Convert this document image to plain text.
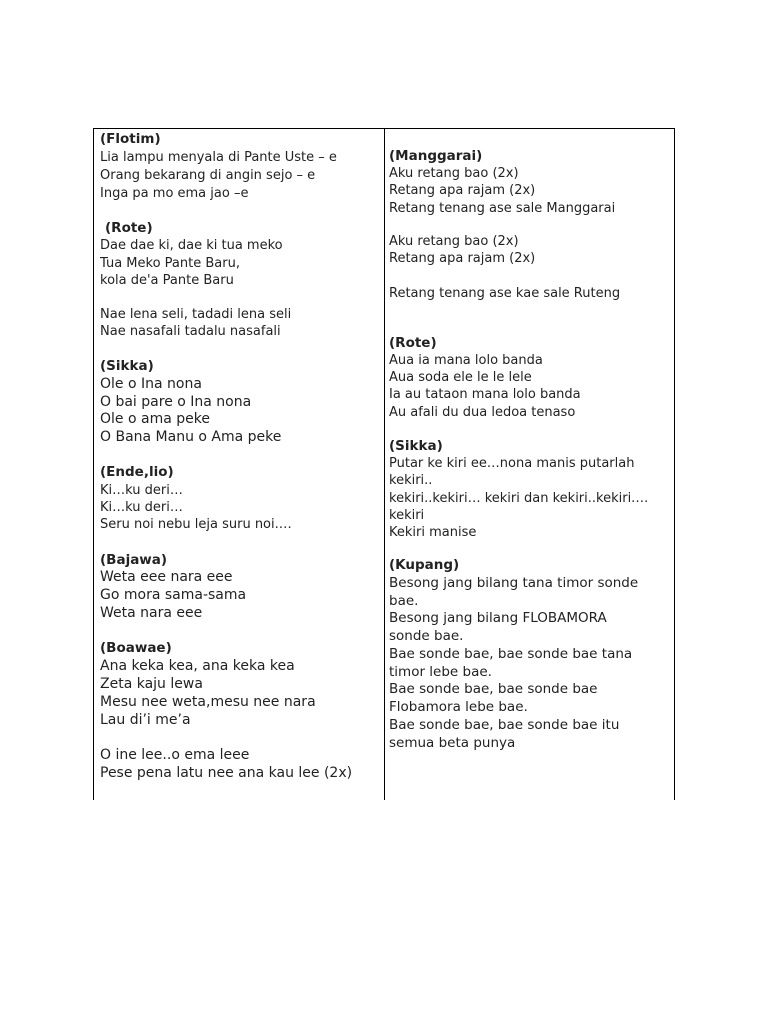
(Flotim)
Lia lampu menyala di Pante Uste – e
Orang bekarang di angin sejo – e
Inga pa mo ema jao –e
(Rote)
Dae dae ki, dae ki tua meko
Tua Meko Pante Baru,
kola de'a Pante Baru
Nae lena seli, tadadi lena seli
Nae nasafali tadalu nasafali
(Sikka)
Ole o Ina nona
O bai pare o Ina nona
Ole o ama peke
O Bana Manu o Ama peke
(Ende,lio)
Ki…ku deri…
Ki…ku deri…
Seru noi nebu leja suru noi.…
(Bajawa)
Weta eee nara eee
Go mora sama-sama
Weta nara eee
(Boawae)
Ana keka kea, ana keka kea
Zeta kaju lewa
Mesu nee weta,mesu nee nara
Lau di’i me’a
O ine lee..o ema leee
Pese pena latu nee ana kau lee (2x)
(Manggarai)
Aku retang bao (2x)
Retang apa rajam (2x)
Retang tenang ase sale Manggarai
Aku retang bao (2x)
Retang apa rajam (2x)
Retang tenang ase kae sale Ruteng
(Rote)
Aua ia mana lolo banda
Aua soda ele le le lele
Ia au tataon mana lolo banda
Au afali du dua ledoa tenaso
(Sikka)
Putar ke kiri ee…nona manis putarlah
kekiri..
kekiri..kekiri… kekiri dan kekiri..kekiri.…
kekiri
Kekiri manise
(Kupang)
Besong jang bilang tana timor sonde
bae.
Besong jang bilang FLOBAMORA
sonde bae.
Bae sonde bae, bae sonde bae tana
timor lebe bae.
Bae sonde bae, bae sonde bae
Flobamora lebe bae.
Bae sonde bae, bae sonde bae itu
semua beta punya
